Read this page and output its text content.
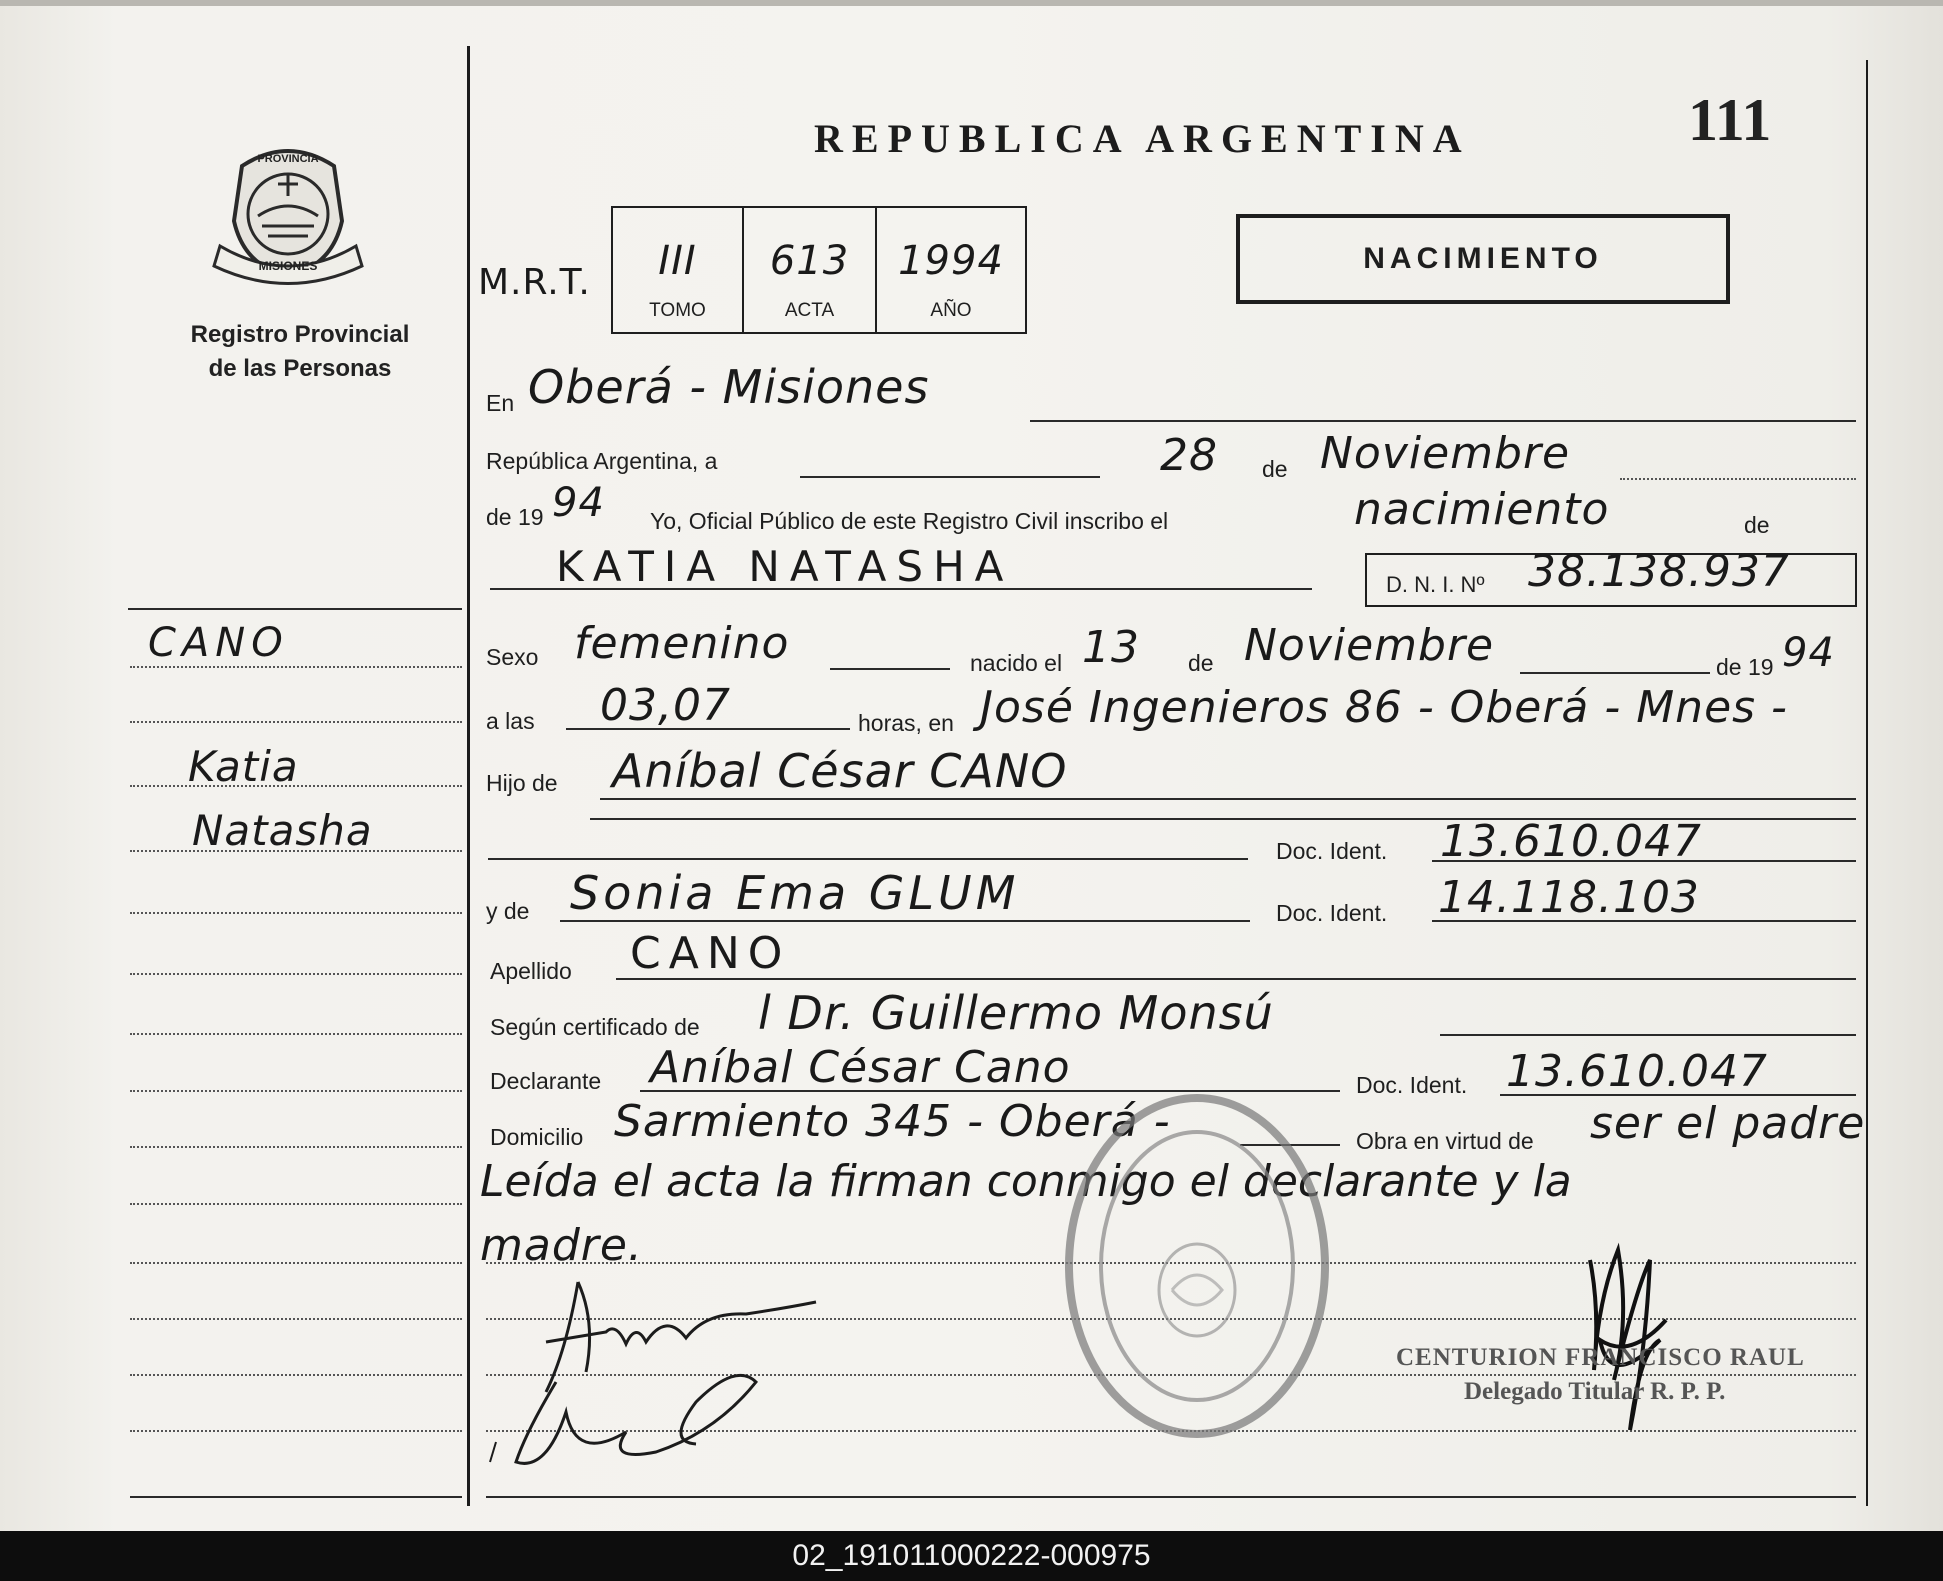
111
REPUBLICA ARGENTINA
NACIMIENTO
MISIONES
PROVINCIA
Registro Provincial
de las Personas
M.R.T.	III
TOMO
613
ACTA
1994
AÑO
CANO
Katia
Natasha
En Oberá - Misiones
República Argentina, a	28 de Noviembre
de 19 94 Yo, Oficial Público de este Registro Civil inscribo el	nacimiento	de
KATIA NATASHA	D. N. I. Nº 38.138.937
Sexo femenino	nacido el 13 de Noviembre	de 19 94
a las 03,07	horas, en José Ingenieros 86 - Oberá - Mnes -
Hijo de Aníbal César CANO
Doc. Ident. 13.610.047
y de Sonia Ema GLUM	Doc. Ident. 14.118.103
Apellido CANO
Según certificado de l Dr. Guillermo Monsú
Declarante Aníbal César Cano	Doc. Ident. 13.610.047
Domicilio Sarmiento 345 - Oberá -	Obra en virtud de ser el padre
Leída el acta la firman conmigo el declarante y la
madre.
CENTURION FRANCISCO RAUL
Delegado Titular R. P. P.
02_191011000222-000975
